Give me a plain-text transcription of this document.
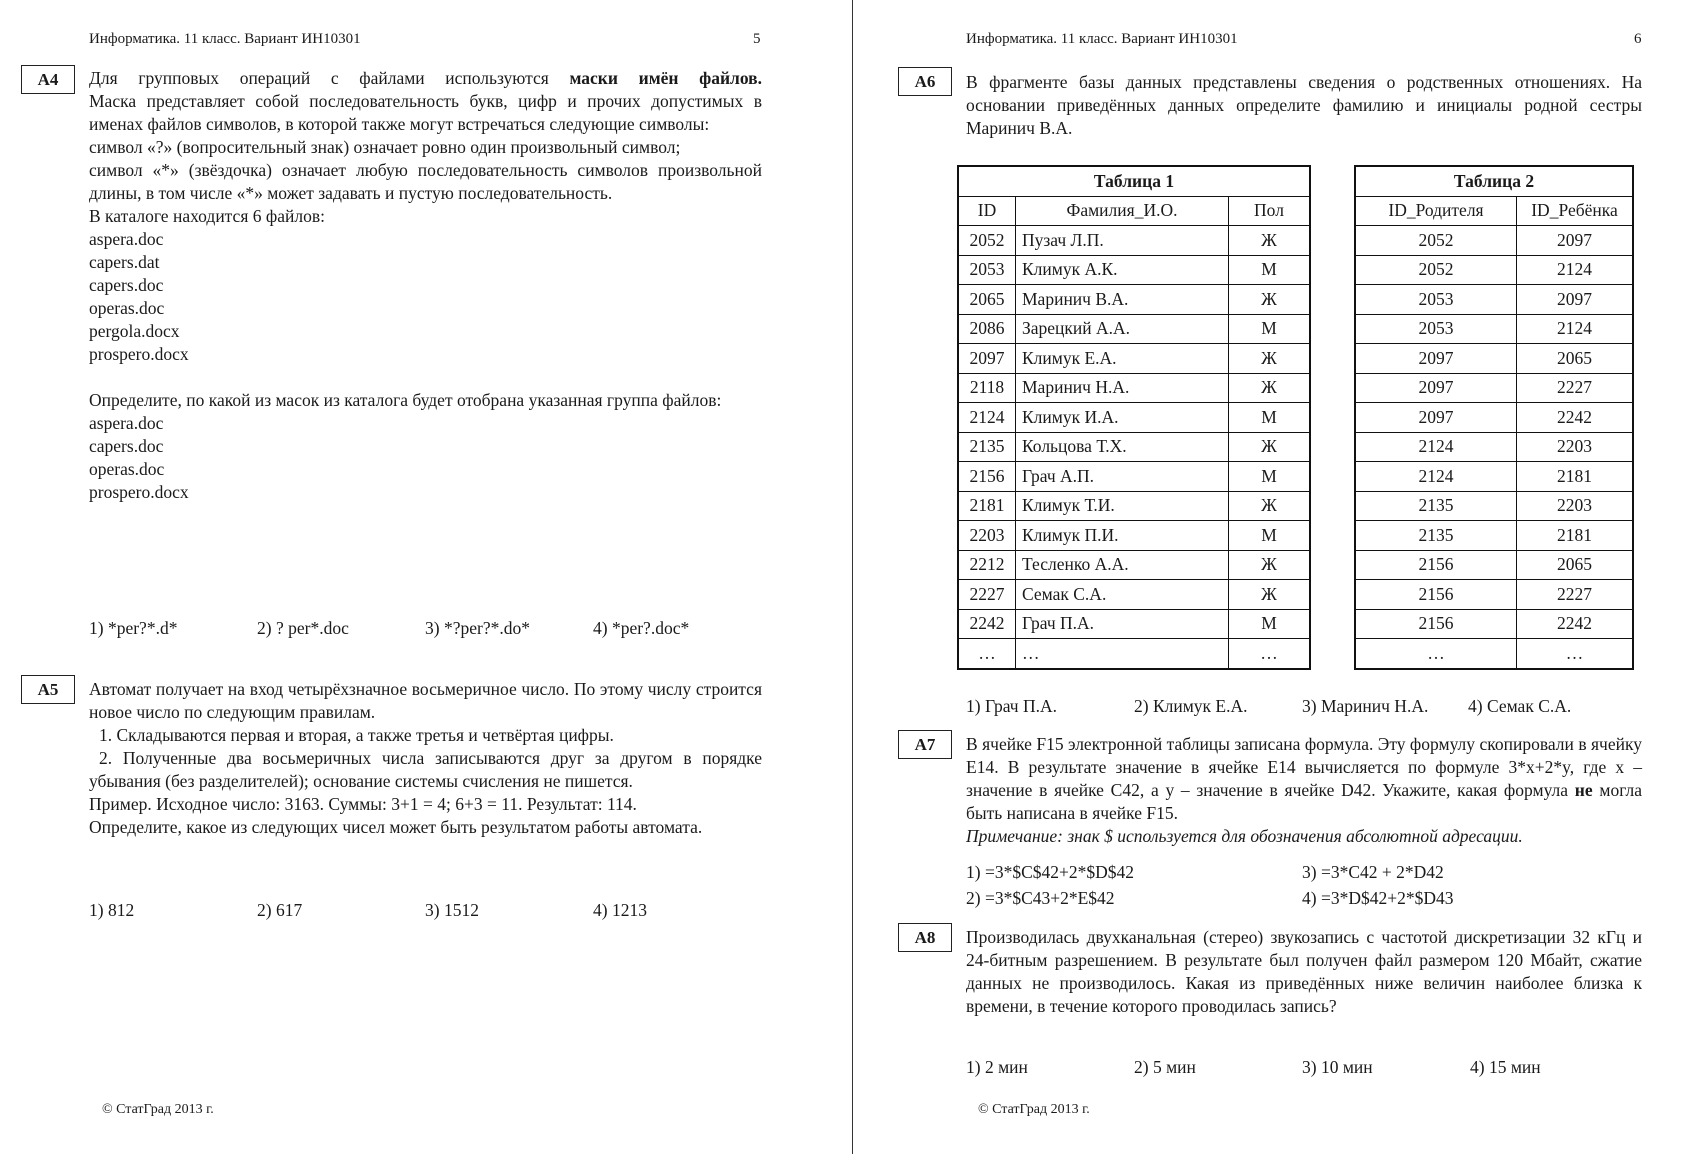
Информатика. 11 класс. Вариант ИН10301	5
A4	Для групповых операций с файлами используются маски имён файлов.

Маска представляет собой последовательность букв, цифр и прочих допустимых в именах файлов символов, в которой также могут встречаться следующие символы:

символ «?» (вопросительный знак) означает ровно один произвольный символ;

символ «*» (звёздочка) означает любую последовательность символов произвольной длины, в том числе «*» может задавать и пустую последовательность.

В каталоге находится 6 файлов:

aspera.doc
capers.dat
capers.doc
operas.doc
pergola.docx
prospero.docx

Определите, по какой из масок из каталога будет отобрана указанная группа файлов:

aspera.doc
capers.doc
operas.doc
prospero.docx
1) *per?*.d*	2) ? per*.doc	3) *?per?*.do*	4) *per?.doc*
A5	Автомат получает на вход четырёхзначное восьмеричное число. По этому числу строится новое число по следующим правилам.

1. Складываются первая и вторая, а также третья и четвёртая цифры.

2. Полученные два восьмеричных числа записываются друг за другом в порядке убывания (без разделителей); основание системы счисления не пишется.

Пример. Исходное число: 3163. Суммы: 3+1 = 4; 6+3 = 11. Результат: 114.

Определите, какое из следующих чисел может быть результатом работы автомата.

1) 812	2) 617	3) 1512	4) 1213
© СтатГрад 2013 г.
Информатика. 11 класс. Вариант ИН10301	6
A6	В фрагменте базы данных представлены сведения о родственных отношениях. На основании приведённых данных определите фамилию и инициалы родной сестры Маринич В.А.
Таблица 1		
ID	Фамилия_И.О.	Пол
2052	Пузач Л.П.	Ж
2053	Климук А.К.	М
2065	Маринич В.А.	Ж
2086	Зарецкий А.А.	М
2097	Климук Е.А.	Ж
2118	Маринич Н.А.	Ж
2124	Климук И.А.	М
2135	Кольцова Т.Х.	Ж
2156	Грач А.П.	М
2181	Климук Т.И.	Ж
2203	Климук П.И.	М
2212	Тесленко А.А.	Ж
2227	Семак С.А.	Ж
2242	Грач П.А.	М
…	…	…
Таблица 2	
ID_Родителя	ID_Ребёнка
2052	2097
2052	2124
2053	2097
2053	2124
2097	2065
2097	2227
2097	2242
2124	2203
2124	2181
2135	2203
2135	2181
2156	2065
2156	2227
2156	2242
…	…
1) Грач П.А.	2) Климук Е.А.	3) Маринич Н.А. 4) Семак С.А.
A7	В ячейке F15 электронной таблицы записана формула. Эту формулу скопировали в ячейку E14. В результате значение в ячейке E14 вычисляется по формуле 3*x+2*y, где x – значение в ячейке C42, а y – значение в ячейке D42. Укажите, какая формула не могла быть написана в ячейке F15.

Примечание: знак $ используется для обозначения абсолютной адресации.

1) =3*$C$42+2*$D$42
2) =3*$C43+2*E$42
3) =3*C42 + 2*D42
4) =3*D$42+2*$D43
A8	Производилась двухканальная (стерео) звукозапись с частотой дискретизации 32 кГц и 24-битным разрешением. В результате был получен файл размером 120 Мбайт, сжатие данных не производилось. Какая из приведённых ниже величин наиболее близка к времени, в течение которого проводилась запись?
1) 2 мин	2) 5 мин	3) 10 мин	4) 15 мин
© СтатГрад 2013 г.
